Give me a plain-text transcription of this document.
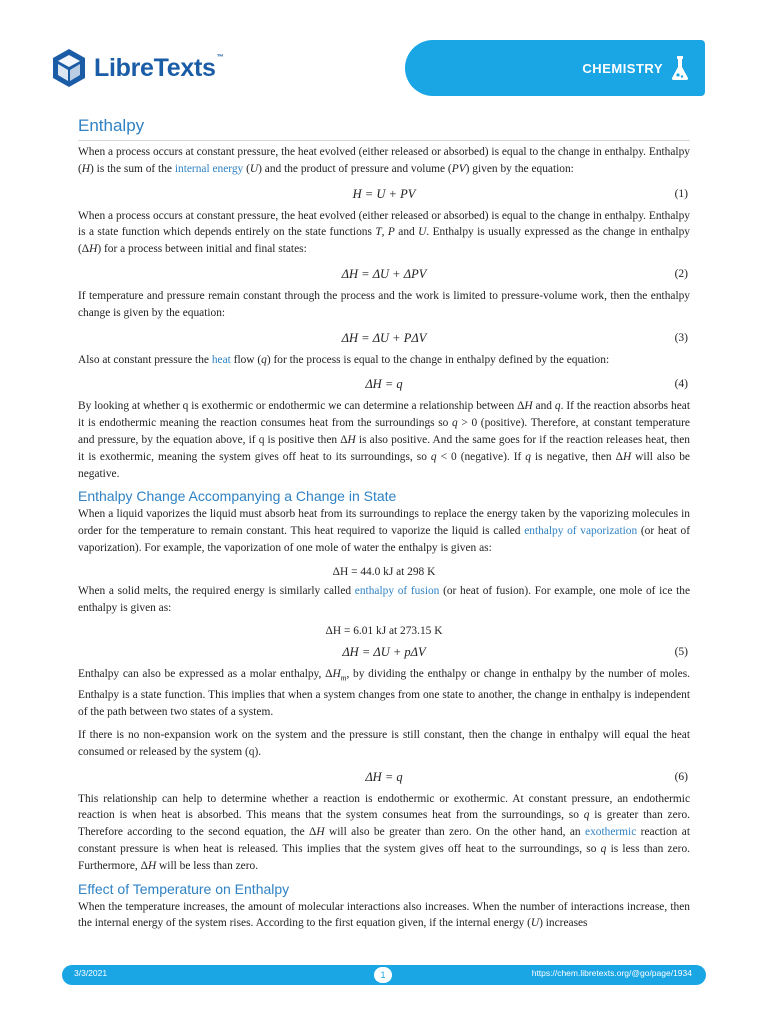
LibreTexts™
CHEMISTRY
Enthalpy

When a process occurs at constant pressure, the heat evolved (either released or absorbed) is equal to the change in enthalpy. Enthalpy (H) is the sum of the internal energy (U) and the product of pressure and volume (PV) given by the equation:

H = U + PV	(1)

When a process occurs at constant pressure, the heat evolved (either released or absorbed) is equal to the change in enthalpy. Enthalpy is a state function which depends entirely on the state functions T, P and U. Enthalpy is usually expressed as the change in enthalpy (ΔH) for a process between initial and final states:

ΔH = ΔU + ΔPV	(2)

If temperature and pressure remain constant through the process and the work is limited to pressure-volume work, then the enthalpy change is given by the equation:

ΔH = ΔU + PΔV	(3)

Also at constant pressure the heat flow (q) for the process is equal to the change in enthalpy defined by the equation:

ΔH = q	(4)

By looking at whether q is exothermic or endothermic we can determine a relationship between ΔH and q. If the reaction absorbs heat it is endothermic meaning the reaction consumes heat from the surroundings so q > 0 (positive). Therefore, at constant temperature and pressure, by the equation above, if q is positive then ΔH is also positive. And the same goes for if the reaction releases heat, then it is exothermic, meaning the system gives off heat to its surroundings, so q < 0 (negative). If q is negative, then ΔH will also be negative.

Enthalpy Change Accompanying a Change in State

When a liquid vaporizes the liquid must absorb heat from its surroundings to replace the energy taken by the vaporizing molecules in order for the temperature to remain constant. This heat required to vaporize the liquid is called enthalpy of vaporization (or heat of vaporization). For example, the vaporization of one mole of water the enthalpy is given as:

ΔH = 44.0 kJ at 298 K

When a solid melts, the required energy is similarly called enthalpy of fusion (or heat of fusion). For example, one mole of ice the enthalpy is given as:

ΔH = 6.01 kJ at 273.15 K
ΔH = ΔU + pΔV	(5)

Enthalpy can also be expressed as a molar enthalpy, $\Delta H_m$, by dividing the enthalpy or change in enthalpy by the number of moles. Enthalpy is a state function. This implies that when a system changes from one state to another, the change in enthalpy is independent of the path between two states of a system.

If there is no non-expansion work on the system and the pressure is still constant, then the change in enthalpy will equal the heat consumed or released by the system (q).

ΔH = q	(6)

This relationship can help to determine whether a reaction is endothermic or exothermic. At constant pressure, an endothermic reaction is when heat is absorbed. This means that the system consumes heat from the surroundings, so q is greater than zero. Therefore according to the second equation, the ΔH will also be greater than zero. On the other hand, an exothermic reaction at constant pressure is when heat is released. This implies that the system gives off heat to the surroundings, so q is less than zero. Furthermore, ΔH will be less than zero.

Effect of Temperature on Enthalpy

When the temperature increases, the amount of molecular interactions also increases. When the number of interactions increase, then the internal energy of the system rises. According to the first equation given, if the internal energy (U) increases

3/3/2021	1	https://chem.libretexts.org/@go/page/1934
